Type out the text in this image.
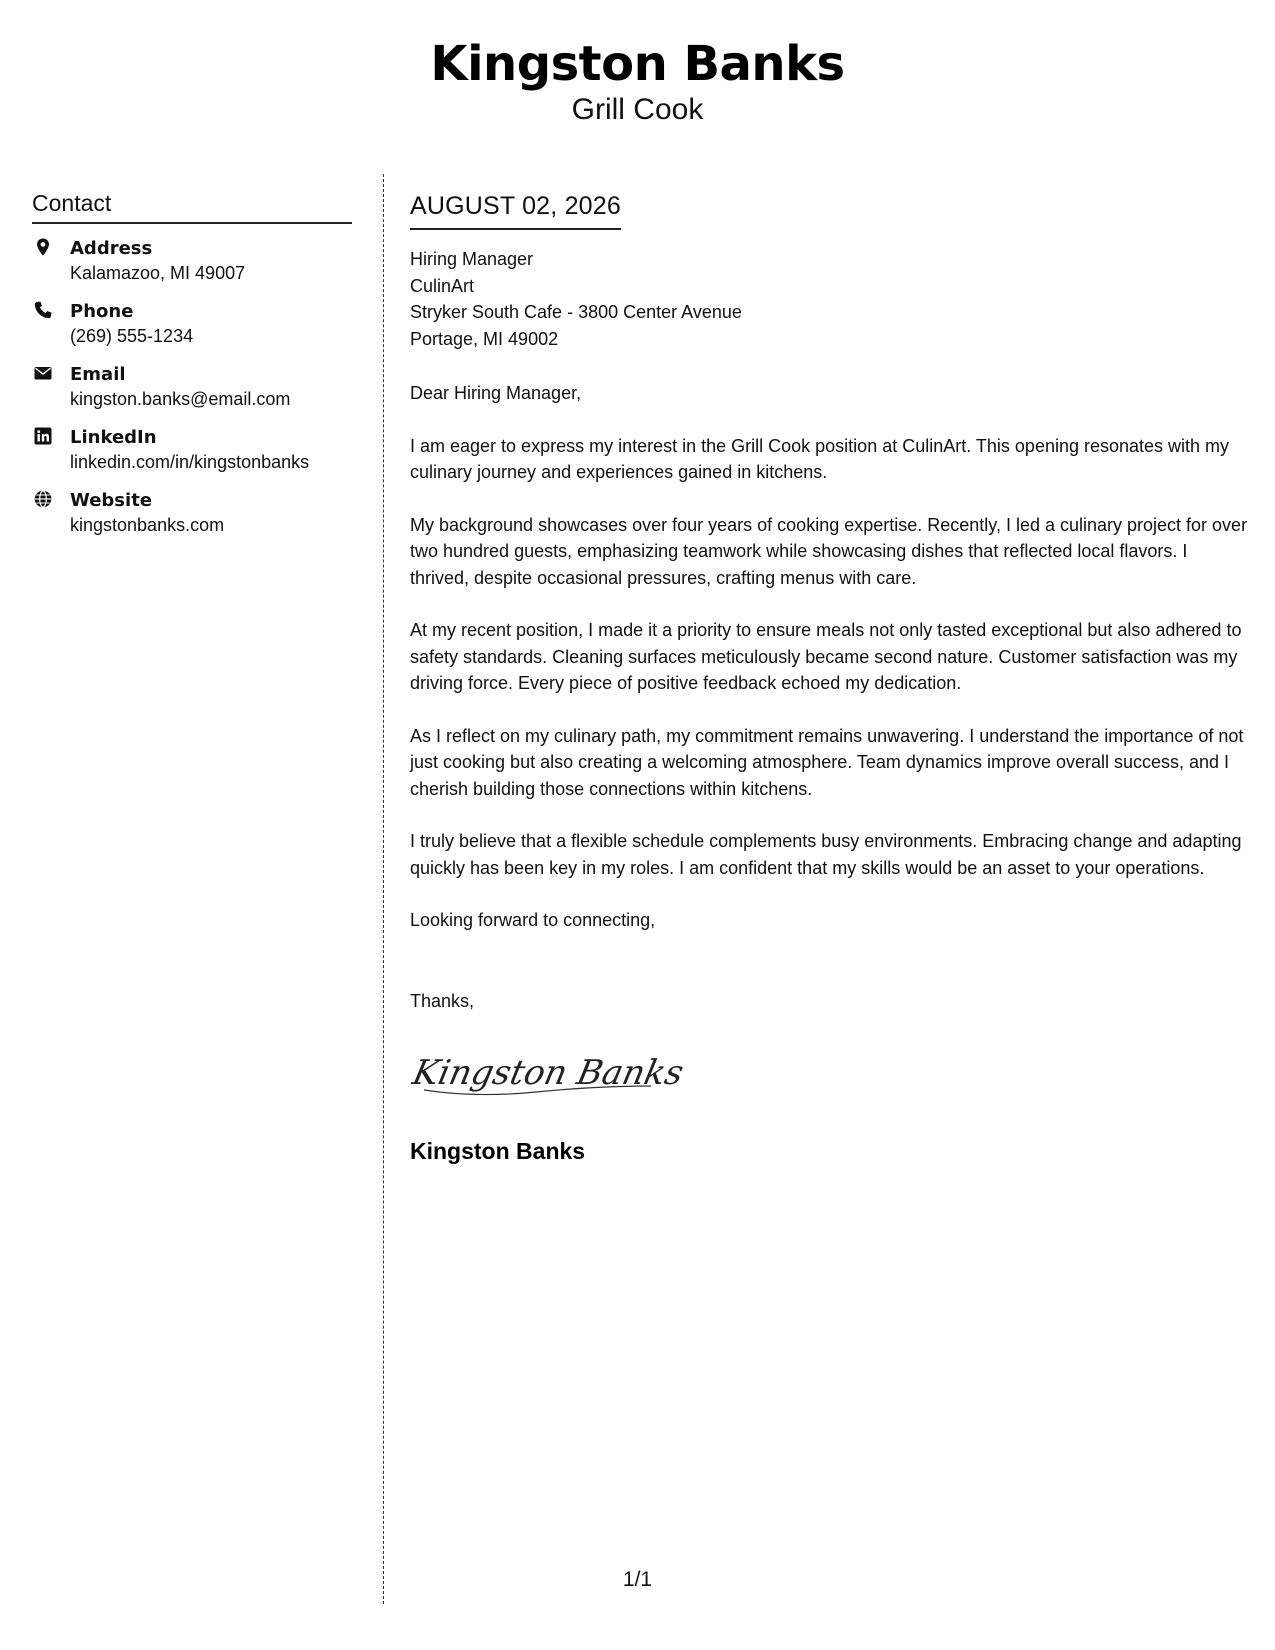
Kingston Banks
Grill Cook
Contact
Address
Kalamazoo, MI 49007
Phone
(269) 555-1234
Email
kingston.banks@email.com
LinkedIn
linkedin.com/in/kingstonbanks
Website
kingstonbanks.com
AUGUST 02, 2026
Hiring Manager
CulinArt
Stryker South Cafe - 3800 Center Avenue
Portage, MI 49002
Dear Hiring Manager,
I am eager to express my interest in the Grill Cook position at CulinArt. This opening resonates with my culinary journey and experiences gained in kitchens.
My background showcases over four years of cooking expertise. Recently, I led a culinary project for over two hundred guests, emphasizing teamwork while showcasing dishes that reflected local flavors. I thrived, despite occasional pressures, crafting menus with care.
At my recent position, I made it a priority to ensure meals not only tasted exceptional but also adhered to safety standards. Cleaning surfaces meticulously became second nature. Customer satisfaction was my driving force. Every piece of positive feedback echoed my dedication.
As I reflect on my culinary path, my commitment remains unwavering. I understand the importance of not just cooking but also creating a welcoming atmosphere. Team dynamics improve overall success, and I cherish building those connections within kitchens.
I truly believe that a flexible schedule complements busy environments. Embracing change and adapting quickly has been key in my roles. I am confident that my skills would be an asset to your operations.
Looking forward to connecting,
Thanks,
Kingston Banks
Kingston Banks
1/1
